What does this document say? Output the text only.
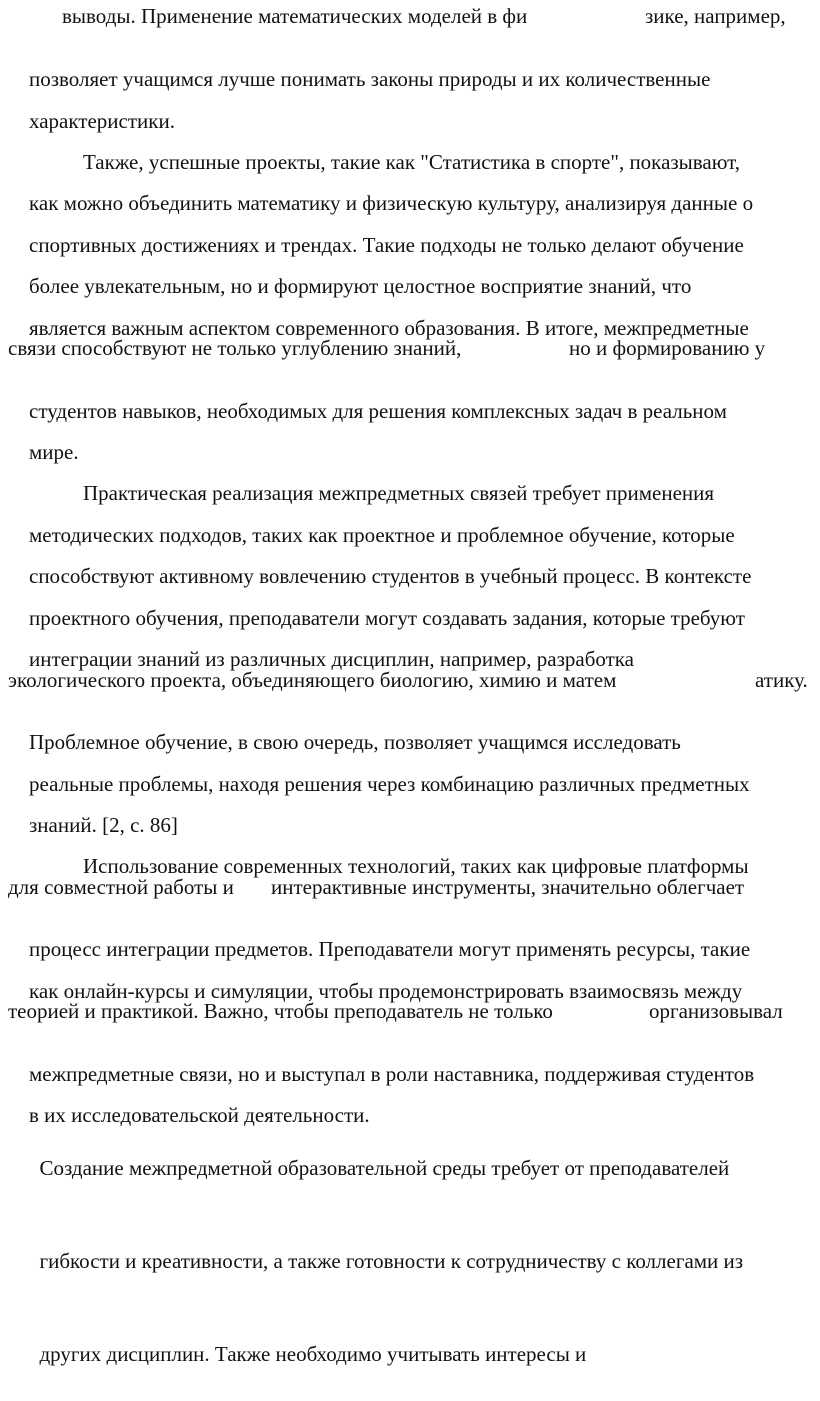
выводы. Применение математических моделей в фи

	зике, например,

позволяет учащимся лучше понимать законы природы и их количественные

характеристики.

Также, успешные проекты, такие как "Статистика в спорте", показывают,

как можно объединить математику и физическую культуру, анализируя данные о

спортивных достижениях и трендах. Такие подходы не только делают обучение

более увлекательным, но и формируют целостное восприятие знаний, что

является важным аспектом современного образования. В итоге, межпредметные

связи способствуют не только углублению знаний,

	но и формированию у

студентов навыков, необходимых для решения комплексных задач в реальном

мире.

Практическая реализация межпредметных связей требует применения

методических подходов, таких как проектное и проблемное обучение, которые

способствуют активному вовлечению студентов в учебный процесс. В контексте

проектного обучения, преподаватели могут создавать задания, которые требуют

интеграции знаний из различных дисциплин, например, разработка

экологического проекта, объединяющего биологию, химию и матем

	атику.

Проблемное обучение, в свою очередь, позволяет учащимся исследовать

реальные проблемы, находя решения через комбинацию различных предметных

знаний. [2, с. 86]

Использование современных технологий, таких как цифровые платформы

для совместной работы и

интерактивные инструменты, значительно облегчает

процесс интеграции предметов. Преподаватели могут применять ресурсы, такие

как онлайн-курсы и симуляции, чтобы продемонстрировать взаимосвязь между

теорией и практикой. Важно, чтобы преподаватель не только

	организовывал

межпредметные связи, но и выступал в роли наставника, поддерживая студентов

в их исследовательской деятельности.

Создание межпредметной образовательной среды требует от преподавателей

гибкости и креативности, а также готовности к сотрудничеству с коллегами из

других дисциплин. Также необходимо учитывать интересы и
